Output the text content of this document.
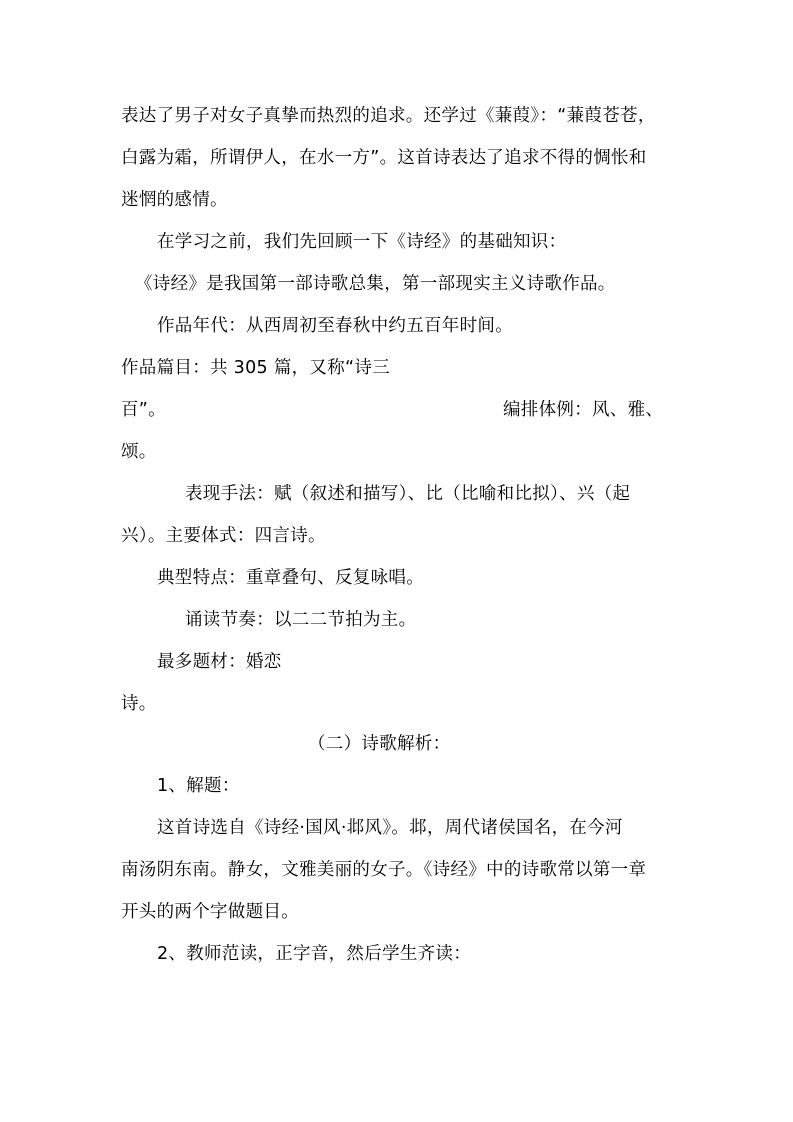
表达了男子对女子真挚而热烈的追求。还学过《蒹葭》：“蒹葭苍苍，
白露为霜，所谓伊人，在水一方”。这首诗表达了追求不得的惆怅和
迷惘的感情。
在学习之前，我们先回顾一下《诗经》的基础知识：
《诗经》是我国第一部诗歌总集，第一部现实主义诗歌作品。
作品年代：从西周初至春秋中约五百年时间。
作品篇目：共 305 篇，又称“诗三
百”。	编排体例：风、雅、
颂。
表现手法：赋（叙述和描写）、比（比喻和比拟）、兴（起
兴）。主要体式：四言诗。
典型特点：重章叠句、反复咏唱。
诵读节奏：以二二节拍为主。
最多题材：婚恋
诗。
（二）诗歌解析：
1、解题：
这首诗选自《诗经·国风·邶风》。邶，周代诸侯国名，在今河
南汤阴东南。静女，文雅美丽的女子。《诗经》中的诗歌常以第一章
开头的两个字做题目。
2、教师范读，正字音，然后学生齐读：
